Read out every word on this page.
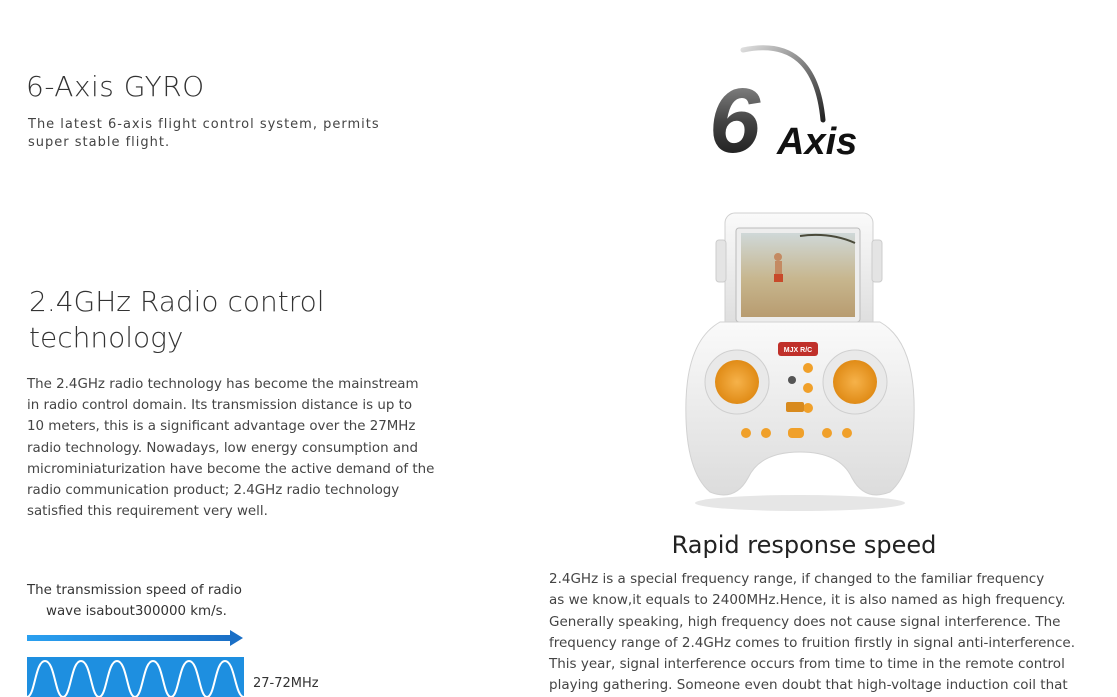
6-Axis GYRO
The latest 6-axis flight control system, permits super stable flight.	6 Axis
2.4GHz Radio control technology
The 2.4GHz radio technology has become the mainstream
in radio control domain. Its transmission distance is up to
10 meters, this is a significant advantage over the 27MHz
radio technology. Nowadays, low energy consumption and
microminiaturization have become the active demand of the
radio communication product; 2.4GHz radio technology
satisfied this requirement very well.
MJX R/C
Rapid response speed
2.4GHz is a special frequency range, if changed to the familiar frequency
as we know,it equals to 2400MHz.Hence, it is also named as high frequency.
Generally speaking, high frequency does not cause signal interference. The
frequency range of 2.4GHz comes to fruition firstly in signal anti-interference.
This year, signal interference occurs from time to time in the remote control
playing gathering. Someone even doubt that high-voltage induction coil that
The transmission speed of radio
wave isabout300000 km/s.
27-72MHz
